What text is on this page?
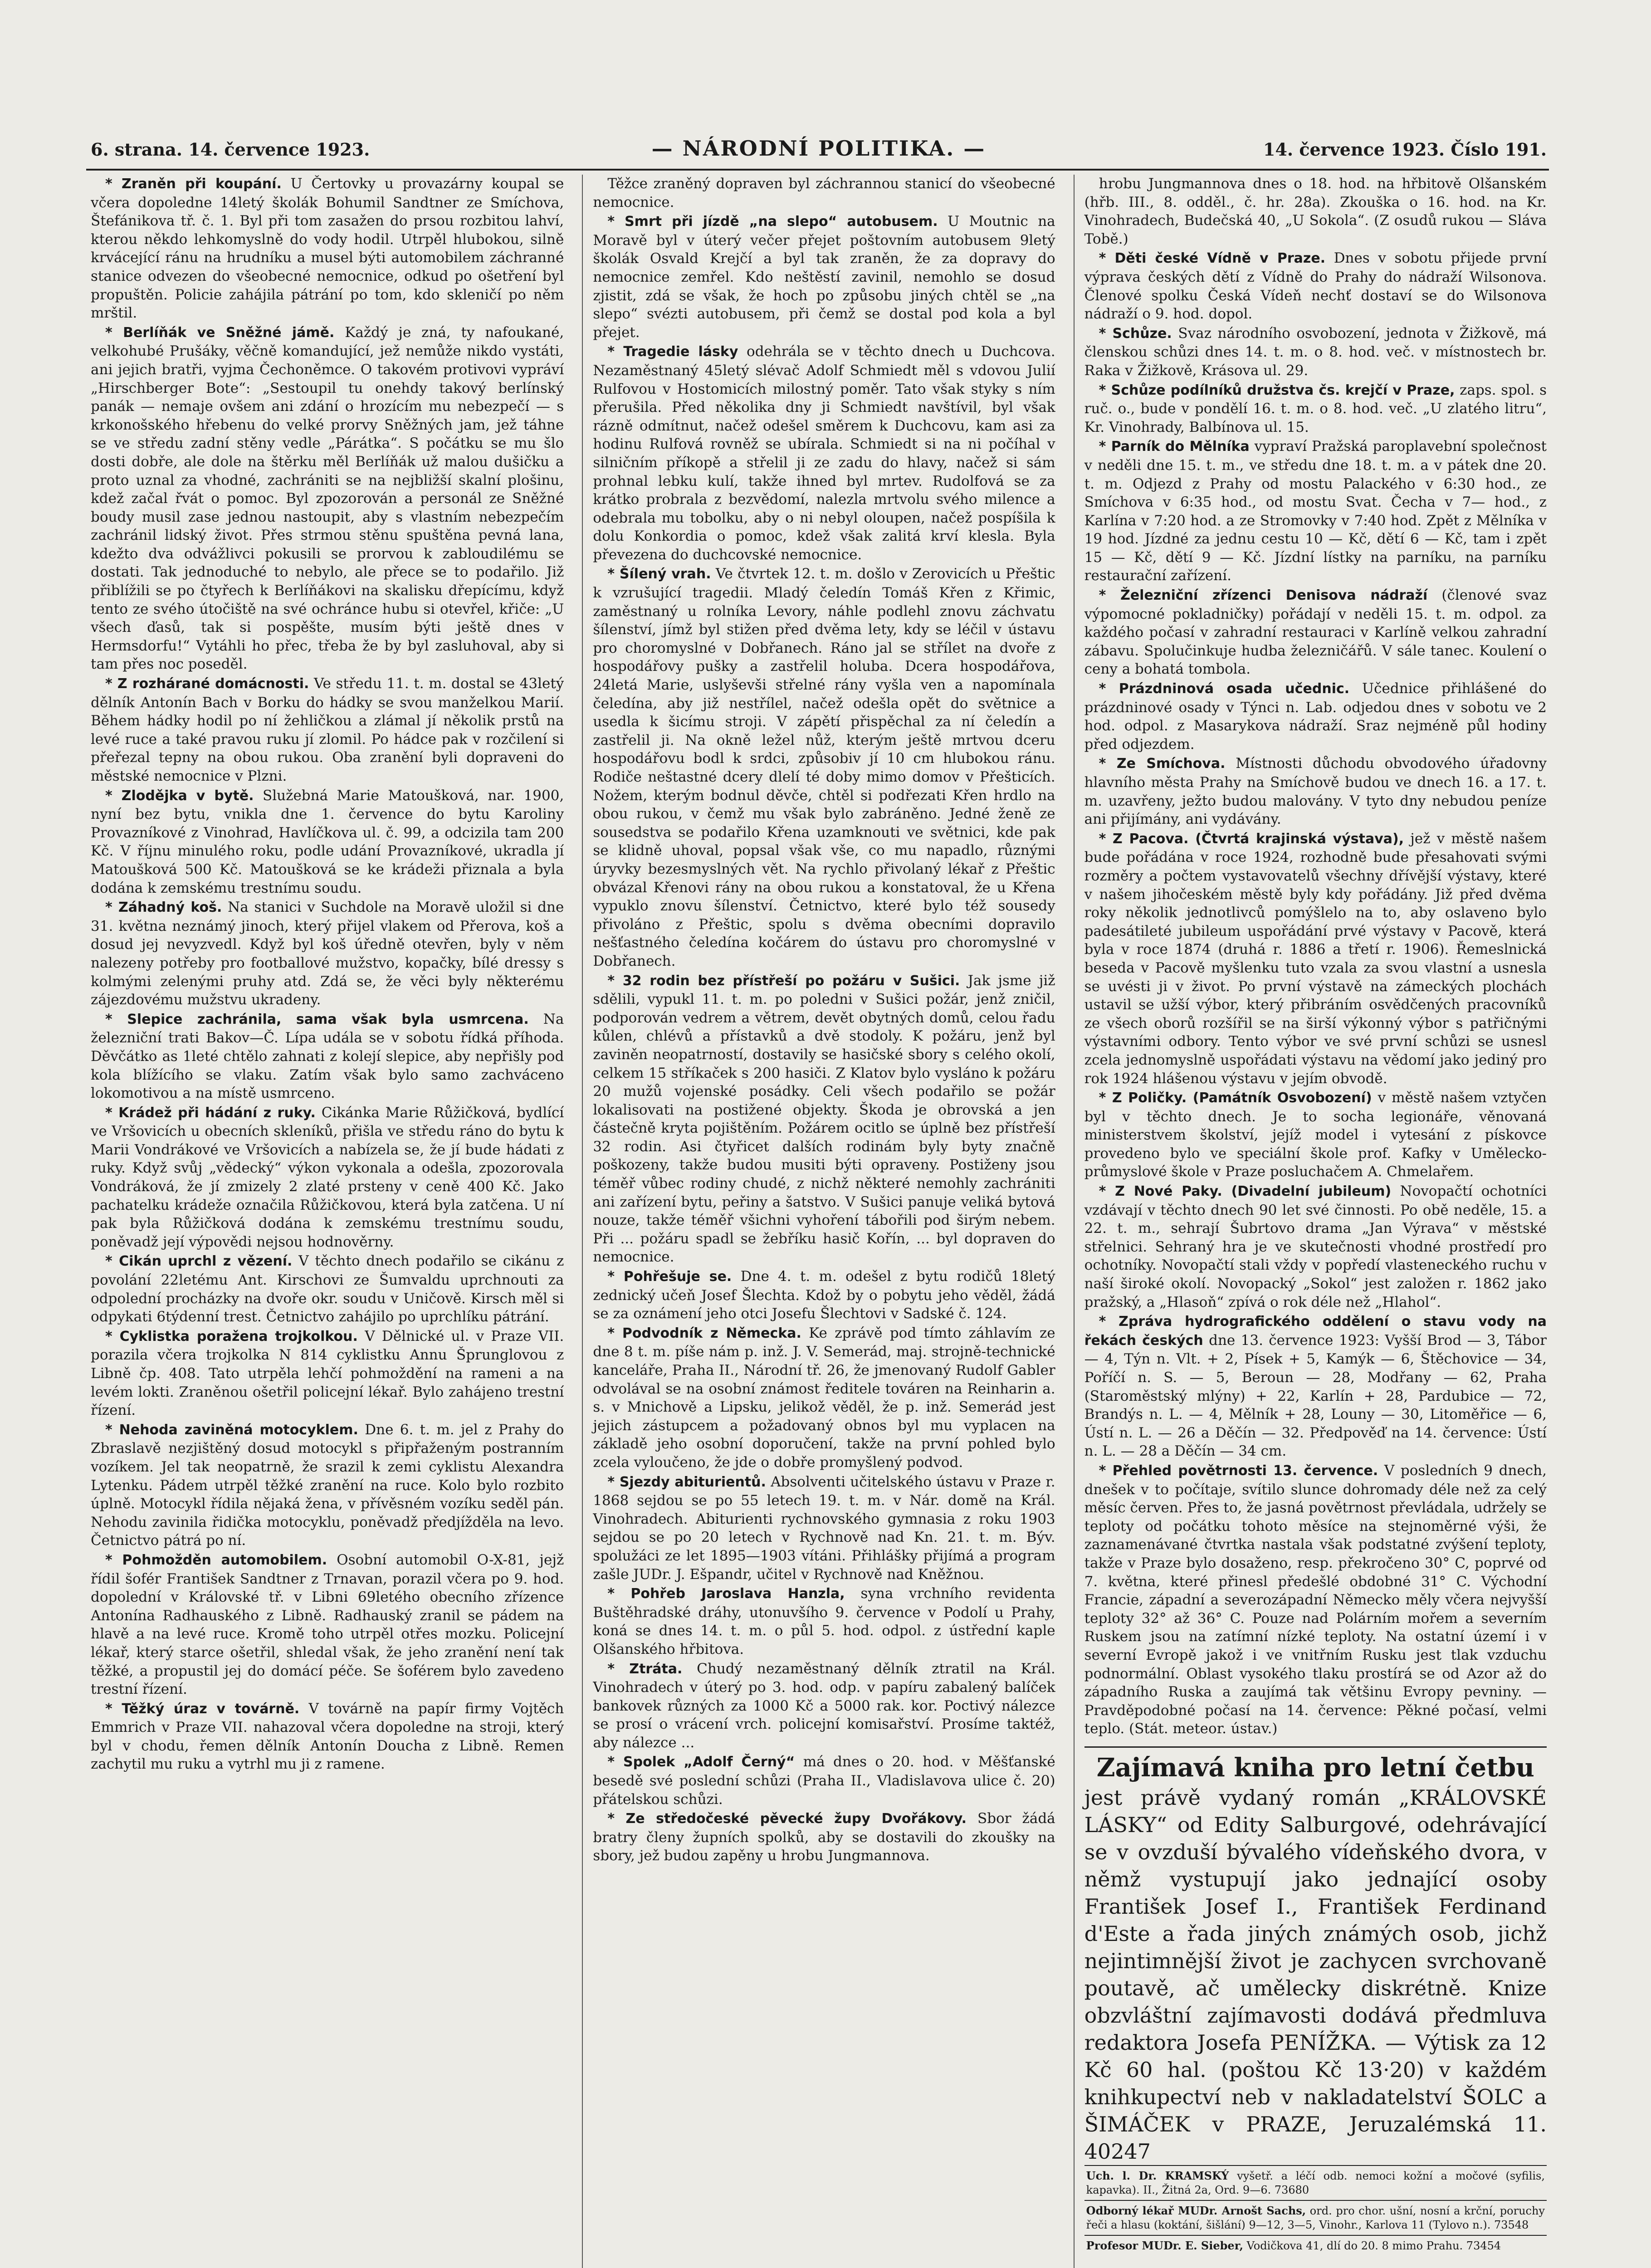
6. strana. 14. července 1923.	— NÁRODNÍ POLITIKA. —	14. července 1923. Číslo 191.

* Zraněn při koupání. U Čertovky u provazárny koupal se včera dopoledne 14letý školák Bohumil Sandtner ze Smíchova, Štefánikova tř. č. 1. Byl při tom zasažen do prsou rozbitou lahví, kterou někdo lehkomyslně do vody hodil. Utrpěl hlubokou, silně krvácející ránu na hrudníku a musel býti automobilem záchranné stanice odvezen do všeobecné nemocnice, odkud po ošetření byl propuštěn. Policie zahájila pátrání po tom, kdo skleničí po něm mrštil.

* Berlíňák ve Sněžné jámě. Každý je zná, ty nafoukané, velkohubé Prušáky, věčně komandující, jež nemůže nikdo vystáti, ani jejich bratři, vyjma Čechoněmce. O takovém protivovi vypráví „Hirschberger Bote“: „Sestoupil tu onehdy takový berlínský panák — nemaje ovšem ani zdání o hrozícím mu nebezpečí — s krkonošského hřebenu do velké prorvy Sněžných jam, jež táhne se ve středu zadní stěny vedle „Párátka“. S počátku se mu šlo dosti dobře, ale dole na štěrku měl Berlíňák už malou dušičku a proto uznal za vhodné, zachrániti se na nejbližší skalní plošinu, kdež začal řvát o pomoc. Byl zpozorován a personál ze Sněžné boudy musil zase jednou nastoupit, aby s vlastním nebezpečím zachránil lidský život. Přes strmou stěnu spuštěna pevná lana, kdežto dva odvážlivci pokusili se prorvou k zabloudilému se dostati. Tak jednoduché to nebylo, ale přece se to podařilo. Již přiblížili se po čtyřech k Berlíňákovi na skalisku dřepícímu, když tento ze svého útočiště na své ochránce hubu si otevřel, křiče: „U všech ďasů, tak si pospěšte, musím býti ještě dnes v Hermsdorfu!“ Vytáhli ho přec, třeba že by byl zasluhoval, aby si tam přes noc poseděl.

* Z rozhárané domácnosti. Ve středu 11. t. m. dostal se 43letý dělník Antonín Bach v Borku do hádky se svou manželkou Marií. Během hádky hodil po ní žehličkou a zlámal jí několik prstů na levé ruce a také pravou ruku jí zlomil. Po hádce pak v rozčilení si přeřezal tepny na obou rukou. Oba zranění byli dopraveni do městské nemocnice v Plzni.

* Zlodějka v bytě. Služebná Marie Matoušková, nar. 1900, nyní bez bytu, vnikla dne 1. července do bytu Karoliny Provazníkové z Vinohrad, Havlíčkova ul. č. 99, a odcizila tam 200 Kč. V říjnu minulého roku, podle udání Provazníkové, ukradla jí Matoušková 500 Kč. Matoušková se ke krádeži přiznala a byla dodána k zemskému trestnímu soudu.

* Záhadný koš. Na stanici v Suchdole na Moravě uložil si dne 31. května neznámý jinoch, který přijel vlakem od Přerova, koš a dosud jej nevyzvedl. Když byl koš úředně otevřen, byly v něm nalezeny potřeby pro footballové mužstvo, kopačky, bílé dressy s kolmými zelenými pruhy atd. Zdá se, že věci byly některému zájezdovému mužstvu ukradeny.

* Slepice zachránila, sama však byla usmrcena. Na železniční trati Bakov—Č. Lípa udála se v sobotu řídká příhoda. Děvčátko as 1leté chtělo zahnati z kolejí slepice, aby nepřišly pod kola blížícího se vlaku. Zatím však bylo samo zachváceno lokomotivou a na místě usmrceno.

* Krádež při hádání z ruky. Cikánka Marie Růžičková, bydlící ve Vršovicích u obecních skleníků, přišla ve středu ráno do bytu k Marii Vondrákové ve Vršovicích a nabízela se, že jí bude hádati z ruky. Když svůj „vědecký“ výkon vykonala a odešla, zpozorovala Vondráková, že jí zmizely 2 zlaté prsteny v ceně 400 Kč. Jako pachatelku krádeže označila Růžičkovou, která byla zatčena. U ní pak byla Růžičková dodána k zemskému trestnímu soudu, poněvadž její výpovědi nejsou hodnověrny.

* Cikán uprchl z vězení. V těchto dnech podařilo se cikánu z povolání 22letému Ant. Kirschovi ze Šumvaldu uprchnouti za odpolední procházky na dvoře okr. soudu v Uničově. Kirsch měl si odpykati 6týdenní trest. Četnictvo zahájilo po uprchlíku pátrání.

* Cyklistka poražena trojkolkou. V Dělnické ul. v Praze VII. porazila včera trojkolka N 814 cyklistku Annu Šprunglovou z Libně čp. 408. Tato utrpěla lehčí pohmoždění na rameni a na levém lokti. Zraněnou ošetřil policejní lékař. Bylo zahájeno trestní řízení.

* Nehoda zaviněná motocyklem. Dne 6. t. m. jel z Prahy do Zbraslavě nezjištěný dosud motocykl s připřaženým postranním vozíkem. Jel tak neopatrně, že srazil k zemi cyklistu Alexandra Lytenku. Pádem utrpěl těžké zranění na ruce. Kolo bylo rozbito úplně. Motocykl řídila nějaká žena, v přívěsném vozíku seděl pán. Nehodu zavinila řidička motocyklu, poněvadž předjížděla na levo. Četnictvo pátrá po ní.

* Pohmožděn automobilem. Osobní automobil O-X-81, jejž řídil šofér František Sandtner z Trnavan, porazil včera po 9. hod. dopolední v Královské tř. v Libni 69letého obecního zřízence Antonína Radhauského z Libně. Radhauský zranil se pádem na hlavě a na levé ruce. Kromě toho utrpěl otřes mozku. Policejní lékař, který starce ošetřil, shledal však, že jeho zranění není tak těžké, a propustil jej do domácí péče. Se šoférem bylo zavedeno trestní řízení.

* Těžký úraz v továrně. V továrně na papír firmy Vojtěch Emmrich v Praze VII. nahazoval včera dopoledne na stroji, který byl v chodu, řemen dělník Antonín Doucha z Libně. Remen zachytil mu ruku a vytrhl mu ji z ramene.

Těžce zraněný dopraven byl záchrannou stanicí do všeobecné nemocnice.

* Smrt při jízdě „na slepo“ autobusem. U Moutnic na Moravě byl v úterý večer přejet poštovním autobusem 9letý školák Osvald Krejčí a byl tak zraněn, že za dopravy do nemocnice zemřel. Kdo neštěstí zavinil, nemohlo se dosud zjistit, zdá se však, že hoch po způsobu jiných chtěl se „na slepo“ svézti autobusem, při čemž se dostal pod kola a byl přejet.

* Tragedie lásky odehrála se v těchto dnech u Duchcova. Nezaměstnaný 45letý slévač Adolf Schmiedt měl s vdovou Julií Rulfovou v Hostomicích milostný poměr. Tato však styky s ním přerušila. Před několika dny ji Schmiedt navštívil, byl však rázně odmítnut, načež odešel směrem k Duchcovu, kam asi za hodinu Rulfová rovněž se ubírala. Schmiedt si na ni počíhal v silničním příkopě a střelil ji ze zadu do hlavy, načež si sám prohnal lebku kulí, takže ihned byl mrtev. Rudolfová se za krátko probrala z bezvědomí, nalezla mrtvolu svého milence a odebrala mu tobolku, aby o ni nebyl oloupen, načež pospíšila k dolu Konkordia o pomoc, kdež však zalitá krví klesla. Byla převezena do duchcovské nemocnice.

* Šílený vrah. Ve čtvrtek 12. t. m. došlo v Zerovicích u Přeštic k vzrušující tragedii. Mladý čeledín Tomáš Křen z Křimic, zaměstnaný u rolníka Levory, náhle podlehl znovu záchvatu šílenství, jímž byl stižen před dvěma lety, kdy se léčil v ústavu pro choromyslné v Dobřanech. Ráno jal se střílet na dvoře z hospodářovy pušky a zastřelil holuba. Dcera hospodářova, 24letá Marie, uslyševši střelné rány vyšla ven a napomínala čeledína, aby již nestřílel, načež odešla opět do světnice a usedla k šicímu stroji. V zápětí přispěchal za ní čeledín a zastřelil ji. Na okně ležel nůž, kterým ještě mrtvou dceru hospodářovu bodl k srdci, způsobiv jí 10 cm hlubokou ránu. Rodiče neštastné dcery dlelí té doby mimo domov v Přešticích. Nožem, kterým bodnul děvče, chtěl si podřezati Křen hrdlo na obou rukou, v čemž mu však bylo zabráněno. Jedné ženě ze sousedstva se podařilo Křena uzamknouti ve světnici, kde pak se klidně uhoval, popsal však vše, co mu napadlo, různými úryvky bezesmyslných vět. Na rychlo přivolaný lékař z Přeštic obvázal Křenovi rány na obou rukou a konstatoval, že u Křena vypuklo znovu šílenství. Četnictvo, které bylo též sousedy přivoláno z Přeštic, spolu s dvěma obecními dopravilo nešťastného čeledína kočárem do ústavu pro choromyslné v Dobřanech.

* 32 rodin bez přístřeší po požáru v Sušici. Jak jsme již sdělili, vypukl 11. t. m. po poledni v Sušici požár, jenž zničil, podporován vedrem a větrem, devět obytných domů, celou řadu kůlen, chlévů a přístavků a dvě stodoly. K požáru, jenž byl zaviněn neopatrností, dostavily se hasičské sbory s celého okolí, celkem 15 stříkaček s 200 hasiči. Z Klatov bylo vysláno k požáru 20 mužů vojenské posádky. Celi všech podařilo se požár lokalisovati na postižené objekty. Škoda je obrovská a jen částečně kryta pojištěním. Požárem ocitlo se úplně bez přístřeší 32 rodin. Asi čtyřicet dalších rodinám byly byty značně poškozeny, takže budou musiti býti opraveny. Postiženy jsou téměř vůbec rodiny chudé, z nichž některé nemohly zachrániti ani zařízení bytu, peřiny a šatstvo. V Sušici panuje veliká bytová nouze, takže téměř všichni vyhoření tábořili pod širým nebem. Při ... požáru spadl se žebříku hasič Kořín, ... byl dopraven do nemocnice.

* Pohřešuje se. Dne 4. t. m. odešel z bytu rodičů 18letý zednický učeň Josef Šlechta. Kdož by o pobytu jeho věděl, žádá se za oznámení jeho otci Josefu Šlechtovi v Sadské č. 124.

* Podvodník z Německa. Ke zprávě pod tímto záhlavím ze dne 8 t. m. píše nám p. inž. J. V. Semerád, maj. strojně-technické kanceláře, Praha II., Národní tř. 26, že jmenovaný Rudolf Gabler odvolával se na osobní známost ředitele továren na Reinharin a. s. v Mnichově a Lipsku, jelikož věděl, že p. inž. Semerád jest jejich zástupcem a požadovaný obnos byl mu vyplacen na základě jeho osobní doporučení, takže na první pohled bylo zcela vyloučeno, že jde o dobře promyšlený podvod.

* Sjezdy abiturientů. Absolventi učitelského ústavu v Praze r. 1868 sejdou se po 55 letech 19. t. m. v Nár. domě na Král. Vinohradech. Abiturienti rychnovského gymnasia z roku 1903 sejdou se po 20 letech v Rychnově nad Kn. 21. t. m. Býv. spolužáci ze let 1895—1903 vítáni. Přihlášky přijímá a program zašle JUDr. J. Ešpandr, učitel v Rychnově nad Kněžnou.

* Pohřeb Jaroslava Hanzla, syna vrchního revidenta Buštěhradské dráhy, utonuvšího 9. července v Podolí u Prahy, koná se dnes 14. t. m. o půl 5. hod. odpol. z ústřední kaple Olšanského hřbitova.

* Ztráta. Chudý nezaměstnaný dělník ztratil na Král. Vinohradech v úterý po 3. hod. odp. v papíru zabalený balíček bankovek různých za 1000 Kč a 5000 rak. kor. Poctivý nálezce se prosí o vrácení vrch. policejní komisařství. Prosíme taktéž, aby nálezce ...

* Spolek „Adolf Černý“ má dnes o 20. hod. v Měšťanské besedě své poslední schůzi (Praha II., Vladislavova ulice č. 20) přátelskou schůzi.

* Ze středočeské pěvecké župy Dvořákovy. Sbor žádá bratry členy župních spolků, aby se dostavili do zkoušky na sbory, jež budou zapěny u hrobu Jungmannova.

hrobu Jungmannova dnes o 18. hod. na hřbitově Olšanském (hřb. III., 8. odděl., č. hr. 28a). Zkouška o 16. hod. na Kr. Vinohradech, Budečská 40, „U Sokola“. (Z osudů rukou — Sláva Tobě.)

* Děti české Vídně v Praze. Dnes v sobotu přijede první výprava českých dětí z Vídně do Prahy do nádraží Wilsonova. Členové spolku Česká Vídeň nechť dostaví se do Wilsonova nádraží o 9. hod. dopol.

* Schůze. Svaz národního osvobození, jednota v Žižkově, má členskou schůzi dnes 14. t. m. o 8. hod. več. v místnostech br. Raka v Žižkově, Krásova ul. 29.

* Schůze podílníků družstva čs. krejčí v Praze, zaps. spol. s ruč. o., bude v pondělí 16. t. m. o 8. hod. več. „U zlatého litru“, Kr. Vinohrady, Balbínova ul. 15.

* Parník do Mělníka vypraví Pražská paroplavební společnost v neděli dne 15. t. m., ve středu dne 18. t. m. a v pátek dne 20. t. m. Odjezd z Prahy od mostu Palackého v 6:30 hod., ze Smíchova v 6:35 hod., od mostu Svat. Čecha v 7— hod., z Karlína v 7:20 hod. a ze Stromovky v 7:40 hod. Zpět z Mělníka v 19 hod. Jízdné za jednu cestu 10 — Kč, dětí 6 — Kč, tam i zpět 15 — Kč, dětí 9 — Kč. Jízdní lístky na parníku, na parníku restaurační zařízení.

* Železniční zřízenci Denisova nádraží (členové svaz výpomocné pokladničky) pořádají v neděli 15. t. m. odpol. za každého počasí v zahradní restauraci v Karlíně velkou zahradní zábavu. Spolučinkuje hudba železničářů. V sále tanec. Koulení o ceny a bohatá tombola.

* Prázdninová osada učednic. Učednice přihlášené do prázdninové osady v Týnci n. Lab. odjedou dnes v sobotu ve 2 hod. odpol. z Masarykova nádraží. Sraz nejméně půl hodiny před odjezdem.

* Ze Smíchova. Místnosti důchodu obvodového úřadovny hlavního města Prahy na Smíchově budou ve dnech 16. a 17. t. m. uzavřeny, ježto budou malovány. V tyto dny nebudou peníze ani přijímány, ani vydávány.

* Z Pacova. (Čtvrtá krajinská výstava), jež v městě našem bude pořádána v roce 1924, rozhodně bude přesahovati svými rozměry a počtem vystavovatelů všechny dřívější výstavy, které v našem jihočeském městě byly kdy pořádány. Již před dvěma roky několik jednotlivců pomýšlelo na to, aby oslaveno bylo padesátileté jubileum uspořádání prvé výstavy v Pacově, která byla v roce 1874 (druhá r. 1886 a třetí r. 1906). Řemeslnická beseda v Pacově myšlenku tuto vzala za svou vlastní a usnesla se uvésti ji v život. Po první výstavě na zámeckých plochách ustavil se užší výbor, který přibráním osvědčených pracovníků ze všech oborů rozšířil se na širší výkonný výbor s patřičnými výstavními odbory. Tento výbor ve své první schůzi se usnesl zcela jednomyslně uspořádati výstavu na vědomí jako jediný pro rok 1924 hlášenou výstavu v jejím obvodě.

* Z Poličky. (Památník Osvobození) v městě našem vztyčen byl v těchto dnech. Je to socha legionáře, věnovaná ministerstvem školství, jejíž model i vytesání z pískovce provedeno bylo ve speciální škole prof. Kafky v Umělecko-průmyslové škole v Praze posluchačem A. Chmelařem.

* Z Nové Paky. (Divadelní jubileum) Novopačtí ochotníci vzdávají v těchto dnech 90 let své činnosti. Po obě neděle, 15. a 22. t. m., sehrají Šubrtovo drama „Jan Výrava“ v městské střelnici. Sehraný hra je ve skutečnosti vhodné prostředí pro ochotníky. Novopačtí stali vždy v popředí vlasteneckého ruchu v naší široké okolí. Novopacký „Sokol“ jest založen r. 1862 jako pražský, a „Hlasoň“ zpívá o rok déle než „Hlahol“.

* Zpráva hydrografického oddělení o stavu vody na řekách českých dne 13. července 1923: Vyšší Brod — 3, Tábor — 4, Týn n. Vlt. + 2, Písek + 5, Kamýk — 6, Štěchovice — 34, Poříčí n. S. — 5, Beroun — 28, Modřany — 62, Praha (Staroměstský mlýny) + 22, Karlín + 28, Pardubice — 72, Brandýs n. L. — 4, Mělník + 28, Louny — 30, Litoměřice — 6, Ústí n. L. — 26 a Děčín — 32. Předpověď na 14. července: Ústí n. L. — 28 a Děčín — 34 cm.

* Přehled povětrnosti 13. července. V posledních 9 dnech, dnešek v to počítaje, svítilo slunce dohromady déle než za celý měsíc červen. Přes to, že jasná povětrnost převládala, udržely se teploty od počátku tohoto měsíce na stejnoměrné výši, že zaznamenávané čtvrtka nastala však podstatné zvýšení teploty, takže v Praze bylo dosaženo, resp. překročeno 30° C, poprvé od 7. května, které přinesl předešlé obdobné 31° C. Východní Francie, západní a severozápadní Německo měly včera nejvyšší teploty 32° až 36° C. Pouze nad Polárním mořem a severním Ruskem jsou na zatímní nízké teploty. Na ostatní území i v severní Evropě jakož i ve vnitřním Rusku jest tlak vzduchu podnormální. Oblast vysokého tlaku prostírá se od Azor až do západního Ruska a zaujímá tak většinu Evropy pevniny. — Pravděpodobné počasí na 14. července: Pěkné počasí, velmi teplo. (Stát. meteor. ústav.)

Zajímavá kniha pro letní četbu
jest právě vydaný román „KRÁLOVSKÉ LÁSKY“ od Edity Salburgové, odehrávající se v ovzduší bývalého vídeňského dvora, v němž vystupují jako jednající osoby František Josef I., František Ferdinand d'Este a řada jiných známých osob, jichž nejintimnější život je zachycen svrchovaně poutavě, ač umělecky diskrétně. Knize obzvláštní zajímavosti dodává předmluva redaktora Josefa PENÍŽKA. — Výtisk za 12 Kč 60 hal. (poštou Kč 13·20) v každém knihkupectví neb v nakladatelství ŠOLC a ŠIMÁČEK v PRAZE, Jeruzalémská 11. 40247
Uch. l. Dr. KRAMSKÝ vyšetř. a léčí odb. nemoci kožní a močové (syfilis, kapavka). II., Žitná 2a, Ord. 9—6. 73680
Odborný lékař MUDr. Arnošt Sachs, ord. pro chor. ušní, nosní a krční, poruchy řeči a hlasu (koktání, šišlání) 9—12, 3—5, Vinohr., Karlova 11 (Tylovo n.). 73548
Profesor MUDr. E. Sieber, Vodičkova 41, dlí do 20. 8 mimo Prahu. 73454
